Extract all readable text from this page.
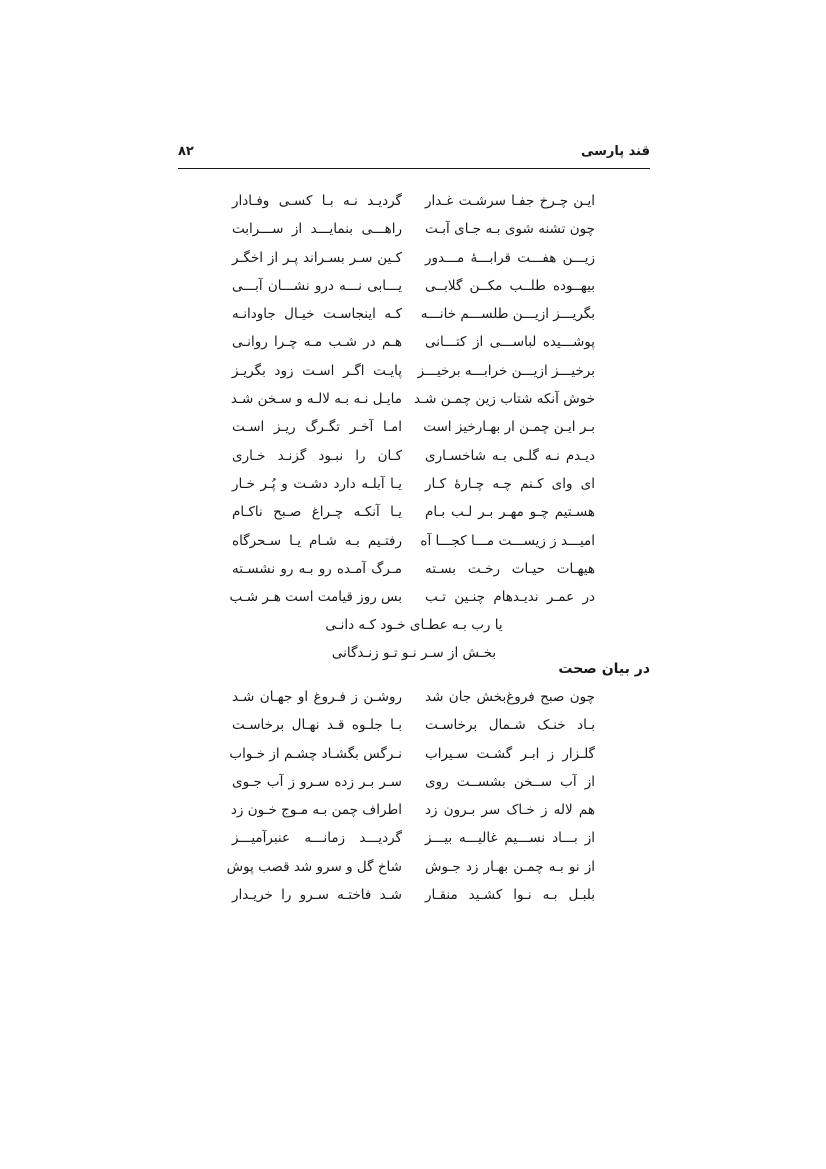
قند پارسی
۸۲
ایـن چـرخ جفـا سرشـت غـدار
گردیـد نـه بـا کسـی وفـادار
چون تشنه شوی بـه جـای آبـت
راهـــی بنمایـــد از ســـرابت
زیـــن هفـــت قرابـــهٔ مـــدور
کـین سـر بسـراند پـر از اخگـر
بیهــوده طلــب مکــن گلابــی
یـــابی نـــه درو نشـــان آبـــی
بگریـــز ازیـــن طلســـم خانـــه
کـه اینجاسـت خیـال جاودانـه
پوشـــیده لباســـی از کتـــانی
هـم در شـب مـه چـرا روانـی
برخیـــز ازیـــن خرابـــه برخیـــز
پایـت اگـر اسـت زود بگریـز
خوش آنکه شتاب زین چمـن شـد
مایـل نـه بـه لالـه و سـخن شـد
بـر ایـن چمـن ار بهـارخیز است
امـا آخـر تگـرگ ریـز اسـت
دیـدم نـه گلـی بـه شاخسـاری
کـان را نبـود گزنـد خـاری
ای وای کـنم چـه چـارهٔ کـار
یـا آبلـه دارد دشـت و پُـر خـار
هسـتیم چـو مهـر بـر لـب بـام
یـا آنکـه چـراغ صـبح ناکـام
امیـــد ز زیســـت مـــا کجـــا آه
رفتـیم بـه شـام یـا سـحرگاه
هیهـات حیـات رخـت بسـته
مـرگ آمـده رو بـه رو نشسـته
در عمـر ندیـدهام چنـین تـب
بس روز قیامت است هـر شـب
یا رب بـه عطـای خـود کـه دانـی
بخـش از سـر نـو تـو زنـدگانی
در بیان صحت
چون صبح فروغ‌بخش جان شد
روشـن ز فـروغ او جهـان شـد
بـاد خنـک شـمال برخاسـت
بـا جلـوه قـد نهـال برخاسـت
گلـزار ز ابـر گشـت سـیراب
نـرگس بگشـاد چشـم از خـواب
از آب ســخن بشســت روی
سـر بـر زده سـرو ز آب جـوی
هم لاله ز خـاک سر بـرون زد
اطراف چمن بـه مـوج خـون زد
از بـــاد نســـیم غالیـــه بیـــز
گردیـــد زمانـــه عنبرآمیـــز
از نو بـه چمـن بهـار زد جـوش
شاخ گل و سرو شد قصب پوش
بلبـل بـه نـوا کشـید منقـار
شـد فاختـه سـرو را خریـدار
